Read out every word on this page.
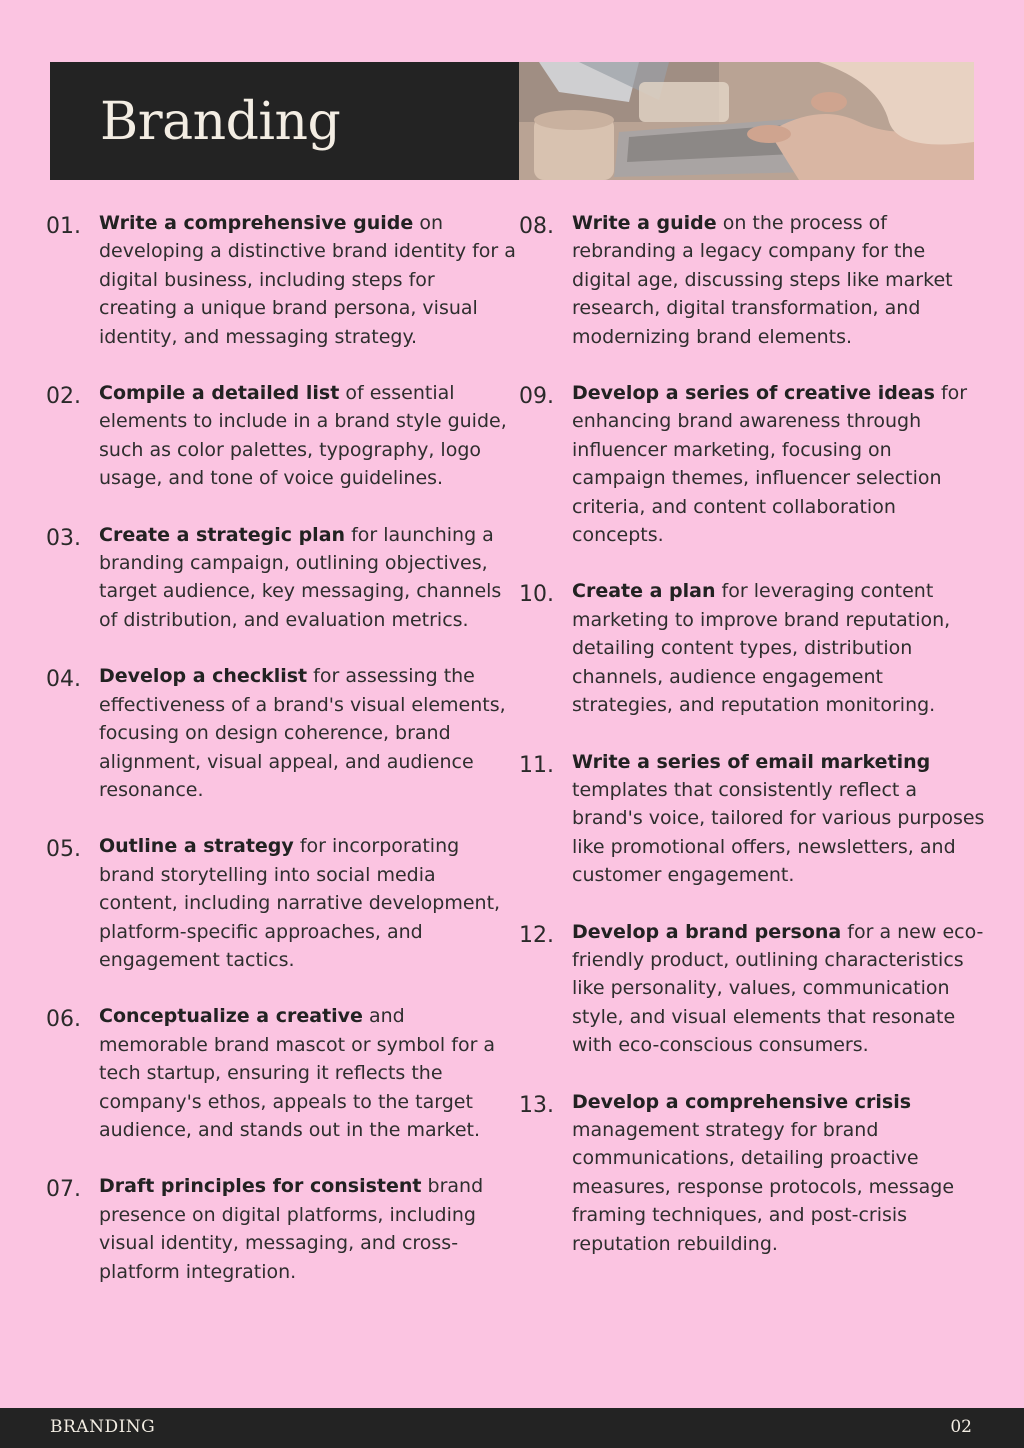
Branding
01. Write a comprehensive guide on developing a distinctive brand identity for a digital business, including steps for creating a unique brand persona, visual identity, and messaging strategy.
02. Compile a detailed list of essential elements to include in a brand style guide, such as color palettes, typography, logo usage, and tone of voice guidelines.
03. Create a strategic plan for launching a branding campaign, outlining objectives, target audience, key messaging, channels of distribution, and evaluation metrics.
04. Develop a checklist for assessing the effectiveness of a brand's visual elements, focusing on design coherence, brand alignment, visual appeal, and audience resonance.
05. Outline a strategy for incorporating brand storytelling into social media content, including narrative development, platform-specific approaches, and engagement tactics.
06. Conceptualize a creative and memorable brand mascot or symbol for a tech startup, ensuring it reflects the company's ethos, appeals to the target audience, and stands out in the market.
07. Draft principles for consistent brand presence on digital platforms, including visual identity, messaging, and cross-platform integration.
08. Write a guide on the process of rebranding a legacy company for the digital age, discussing steps like market research, digital transformation, and modernizing brand elements.
09. Develop a series of creative ideas for enhancing brand awareness through influencer marketing, focusing on campaign themes, influencer selection criteria, and content collaboration concepts.
10. Create a plan for leveraging content marketing to improve brand reputation, detailing content types, distribution channels, audience engagement strategies, and reputation monitoring.
11. Write a series of email marketing templates that consistently reflect a brand's voice, tailored for various purposes like promotional offers, newsletters, and customer engagement.
12. Develop a brand persona for a new eco-friendly product, outlining characteristics like personality, values, communication style, and visual elements that resonate with eco-conscious consumers.
13. Develop a comprehensive crisis management strategy for brand communications, detailing proactive measures, response protocols, message framing techniques, and post-crisis reputation rebuilding.
BRANDING	02
